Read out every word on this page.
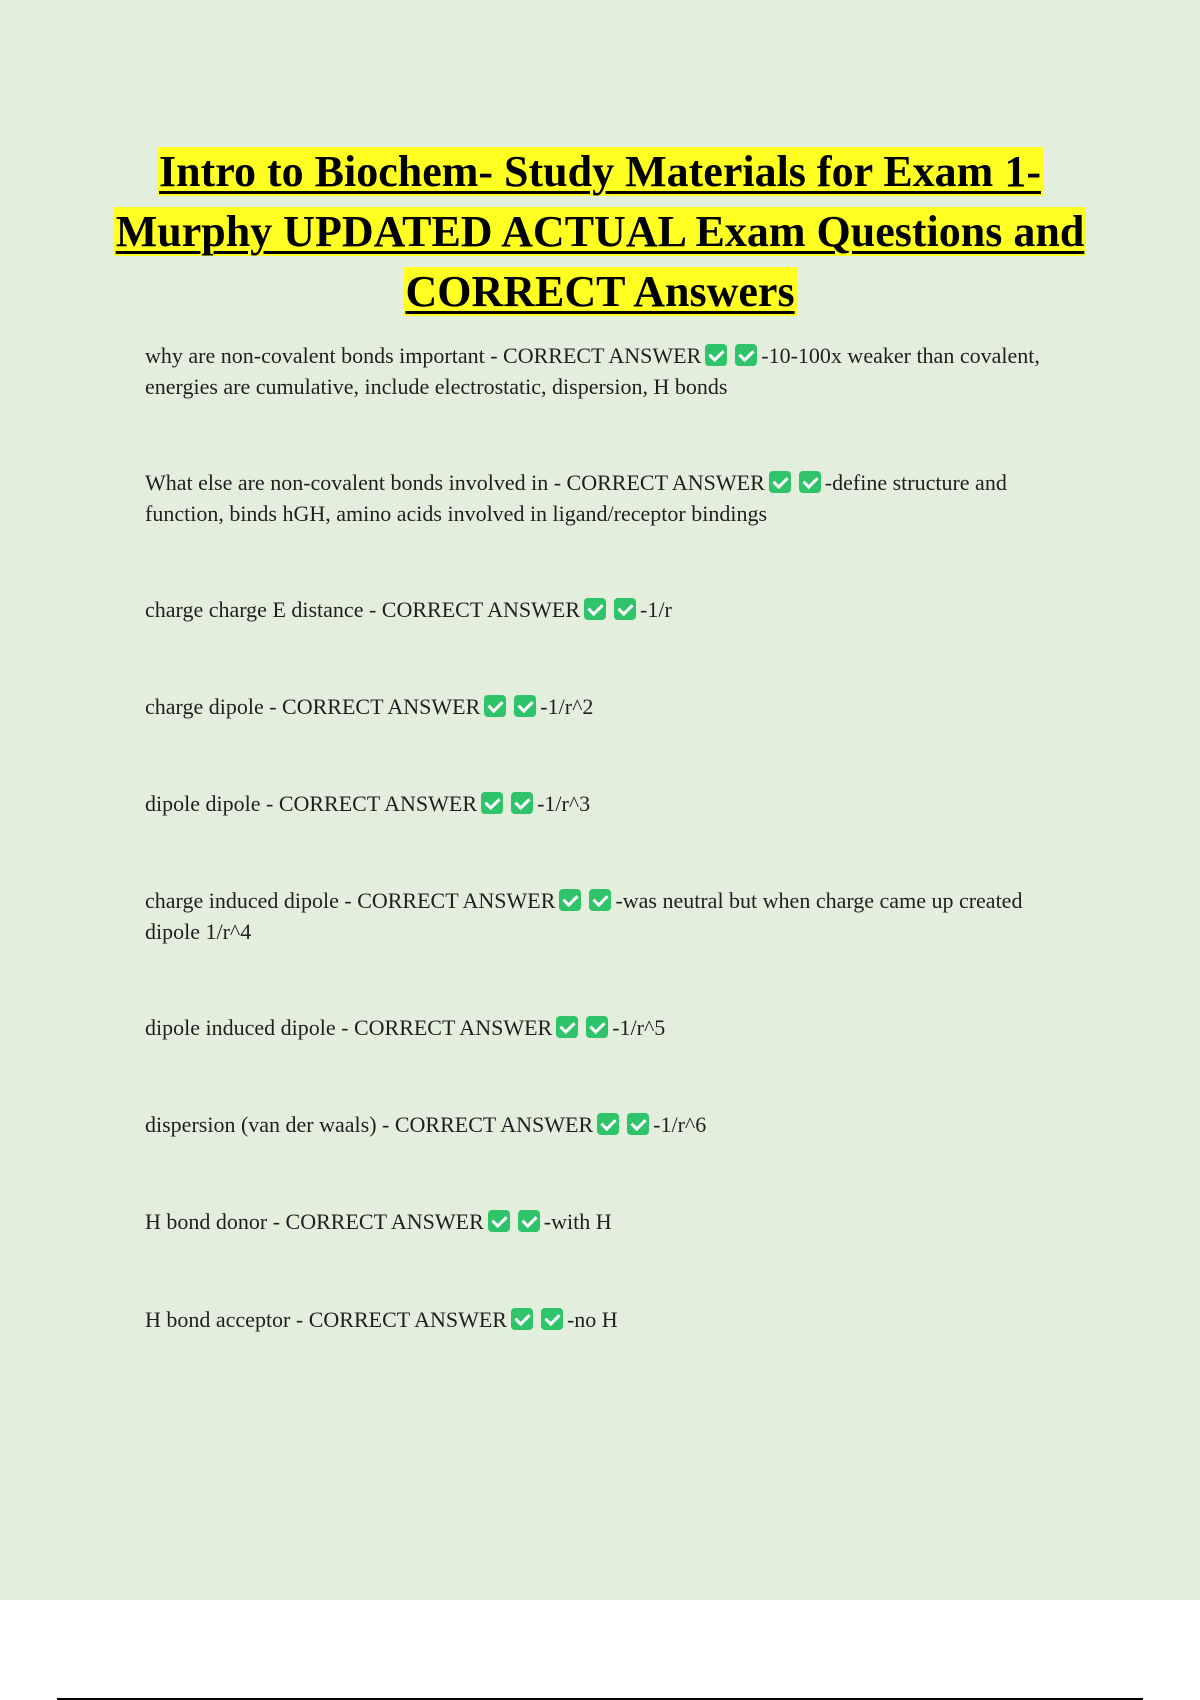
Intro to Biochem- Study Materials for Exam 1- Murphy UPDATED ACTUAL Exam Questions and CORRECT Answers
why are non-covalent bonds important - CORRECT ANSWER	-10-100x weaker than covalent, energies are cumulative, include electrostatic, dispersion, H bonds
What else are non-covalent bonds involved in - CORRECT ANSWER	-define structure and function, binds hGH, amino acids involved in ligand/receptor bindings
charge charge E distance - CORRECT ANSWER	-1/r
charge dipole - CORRECT ANSWER	-1/r^2
dipole dipole - CORRECT ANSWER	-1/r^3
charge induced dipole - CORRECT ANSWER	-was neutral but when charge came up created dipole 1/r^4
dipole induced dipole - CORRECT ANSWER	-1/r^5
dispersion (van der waals) - CORRECT ANSWER	-1/r^6
H bond donor - CORRECT ANSWER	-with H
H bond acceptor - CORRECT ANSWER	-no H
